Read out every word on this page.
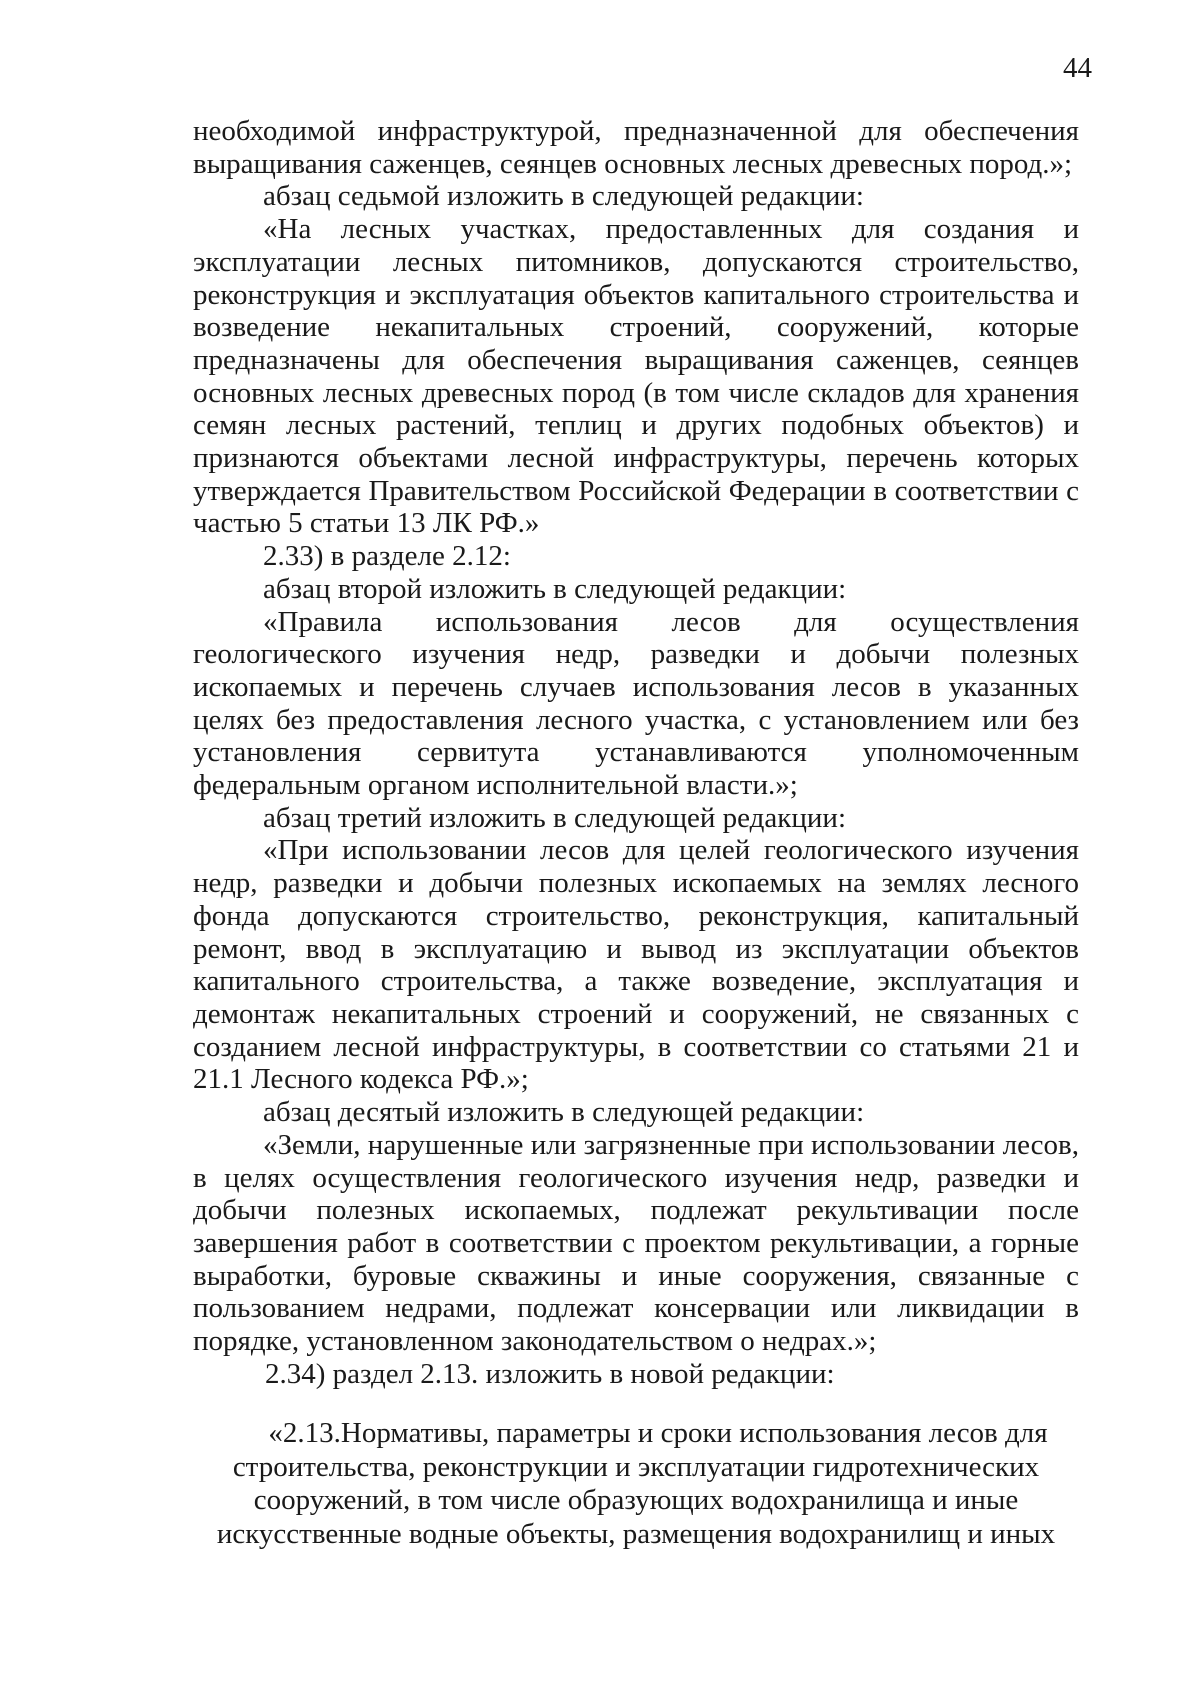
44

необходимой инфраструктурой, предназначенной для обеспечения выращивания саженцев, сеянцев основных лесных древесных пород.»;

абзац седьмой изложить в следующей редакции:

«На лесных участках, предоставленных для создания и эксплуатации лесных питомников, допускаются строительство, реконструкция и эксплуатация объектов капитального строительства и возведение некапитальных строений, сооружений, которые предназначены для обеспечения выращивания саженцев, сеянцев основных лесных древесных пород (в том числе складов для хранения семян лесных растений, теплиц и других подобных объектов) и признаются объектами лесной инфраструктуры, перечень которых утверждается Правительством Российской Федерации в соответствии с частью 5 статьи 13 ЛК РФ.»

2.33) в разделе 2.12:

абзац второй изложить в следующей редакции:

«Правила использования лесов для осуществления геологического изучения недр, разведки и добычи полезных ископаемых и перечень случаев использования лесов в указанных целях без предоставления лесного участка, с установлением или без установления сервитута устанавливаются уполномоченным федеральным органом исполнительной власти.»;

абзац третий изложить в следующей редакции:

«При использовании лесов для целей геологического изучения недр, разведки и добычи полезных ископаемых на землях лесного фонда допускаются строительство, реконструкция, капитальный ремонт, ввод в эксплуатацию и вывод из эксплуатации объектов капитального строительства, а также возведение, эксплуатация и демонтаж некапитальных строений и сооружений, не связанных с созданием лесной инфраструктуры, в соответствии со статьями 21 и 21.1 Лесного кодекса РФ.»;

абзац десятый изложить в следующей редакции:

«Земли, нарушенные или загрязненные при использовании лесов, в целях осуществления геологического изучения недр, разведки и добычи полезных ископаемых, подлежат рекультивации после завершения работ в соответствии с проектом рекультивации, а горные выработки, буровые скважины и иные сооружения, связанные с пользованием недрами, подлежат консервации или ликвидации в порядке, установленном законодательством о недрах.»;

2.34) раздел 2.13. изложить в новой редакции:

«2.13.Нормативы, параметры и сроки использования лесов для
строительства, реконструкции и эксплуатации гидротехнических
сооружений, в том числе образующих водохранилища и иные
искусственные водные объекты, размещения водохранилищ и иных
